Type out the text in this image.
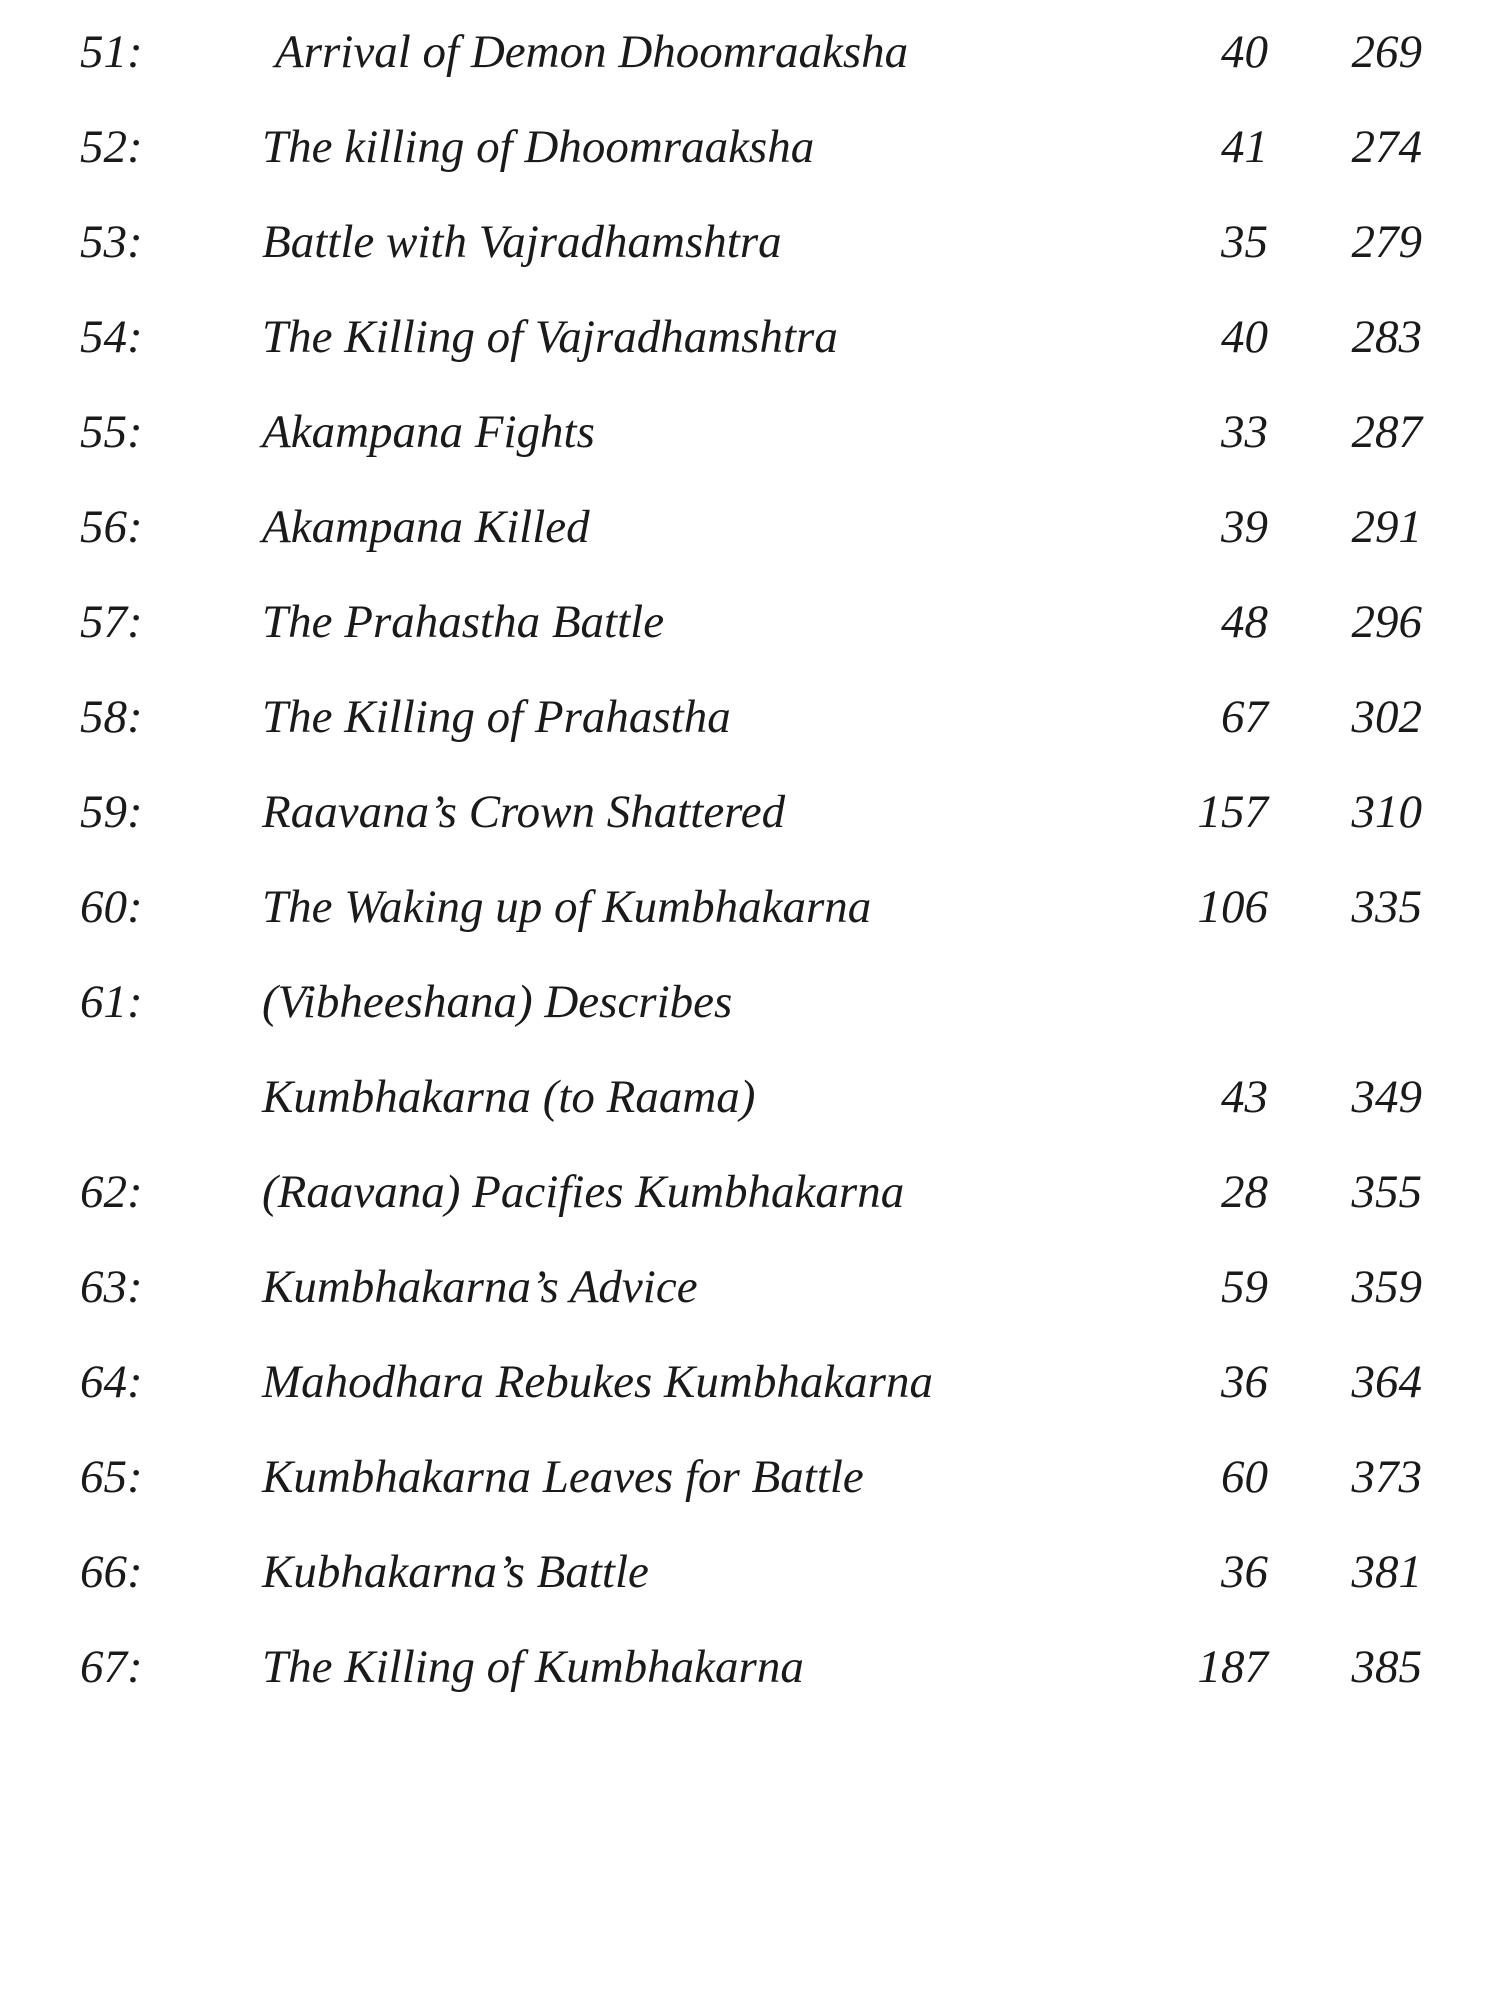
51:	Arrival of Demon Dhoomraaksha	40 269
52:	The killing of Dhoomraaksha	41 274
53:	Battle with Vajradhamshtra	35 279
54:	The Killing of Vajradhamshtra	40 283
55:	Akampana Fights	33 287
56:	Akampana Killed	39 291
57:	The Prahastha Battle	48 296
58:	The Killing of Prahastha	67 302
59:	Raavana’s Crown Shattered	157 310
60:	The Waking up of Kumbhakarna	106 335
61:	(Vibheeshana) Describes
Kumbhakarna (to Raama)	43 349
62:	(Raavana) Pacifies Kumbhakarna	28 355
63:	Kumbhakarna’s Advice	59 359
64:	Mahodhara Rebukes Kumbhakarna	36 364
65:	Kumbhakarna Leaves for Battle	60 373
66:	Kubhakarna’s Battle	36 381
67:	The Killing of Kumbhakarna	187 385
